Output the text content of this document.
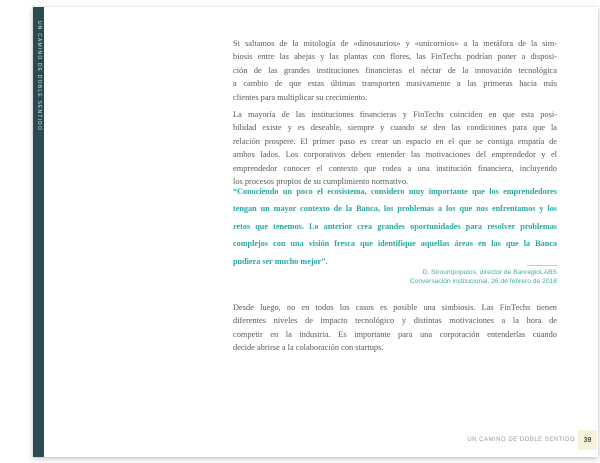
UN CAMINO DE DOBLE SENTIDO	Si saltamos de la mitología de «dinosaurios» y «unicornios» a la metáfora de la sim-
biosis entre las abejas y las plantas con flores, las FinTechs podrían poner a disposi-
ción de las grandes instituciones financieras el néctar de la innovación tecnológica
a cambio de que estas últimas transporten masivamente a las primeras hacia más
clientes para multiplicar su crecimiento.
La mayoría de las instituciones financieras y FinTechs coinciden en que esta posi-
bilidad existe y es deseable, siempre y cuando se den las condiciones para que la
relación prospere. El primer paso es crear un espacio en el que se consiga empatía de
ambos lados. Los corporativos deben entender las motivaciones del emprendedor y el
emprendedor conocer el contexto que rodea a una institución financiera, incluyendo
los procesos propios de su cumplimiento normativo.
“Conociendo un poco el ecosistema, considero muy importante que los emprendedores
tengan un mayor contexto de la Banca, los problemas a los que nos enfrentamos y los
retos que tenemos. Lo anterior crea grandes oportunidades para resolver problemas
complejos con una visión fresca que identifique aquellas áreas en las que la Banca
pudiera ser mucho mejor”.
D. Stroumpopulos, director de BanregioLABS
Conversación institucional, 26 de febrero de 2018
Desde luego, no en todos los casos es posible una simbiosis. Las FinTechs tienen
diferentes niveles de impacto tecnológico y distintas motivaciones a la hora de
competir en la industria. Es importante para una corporación entenderlas cuando
decide abrirse a la colaboración con startups.
UN CAMINO DE DOBLE SENTIDO 39
